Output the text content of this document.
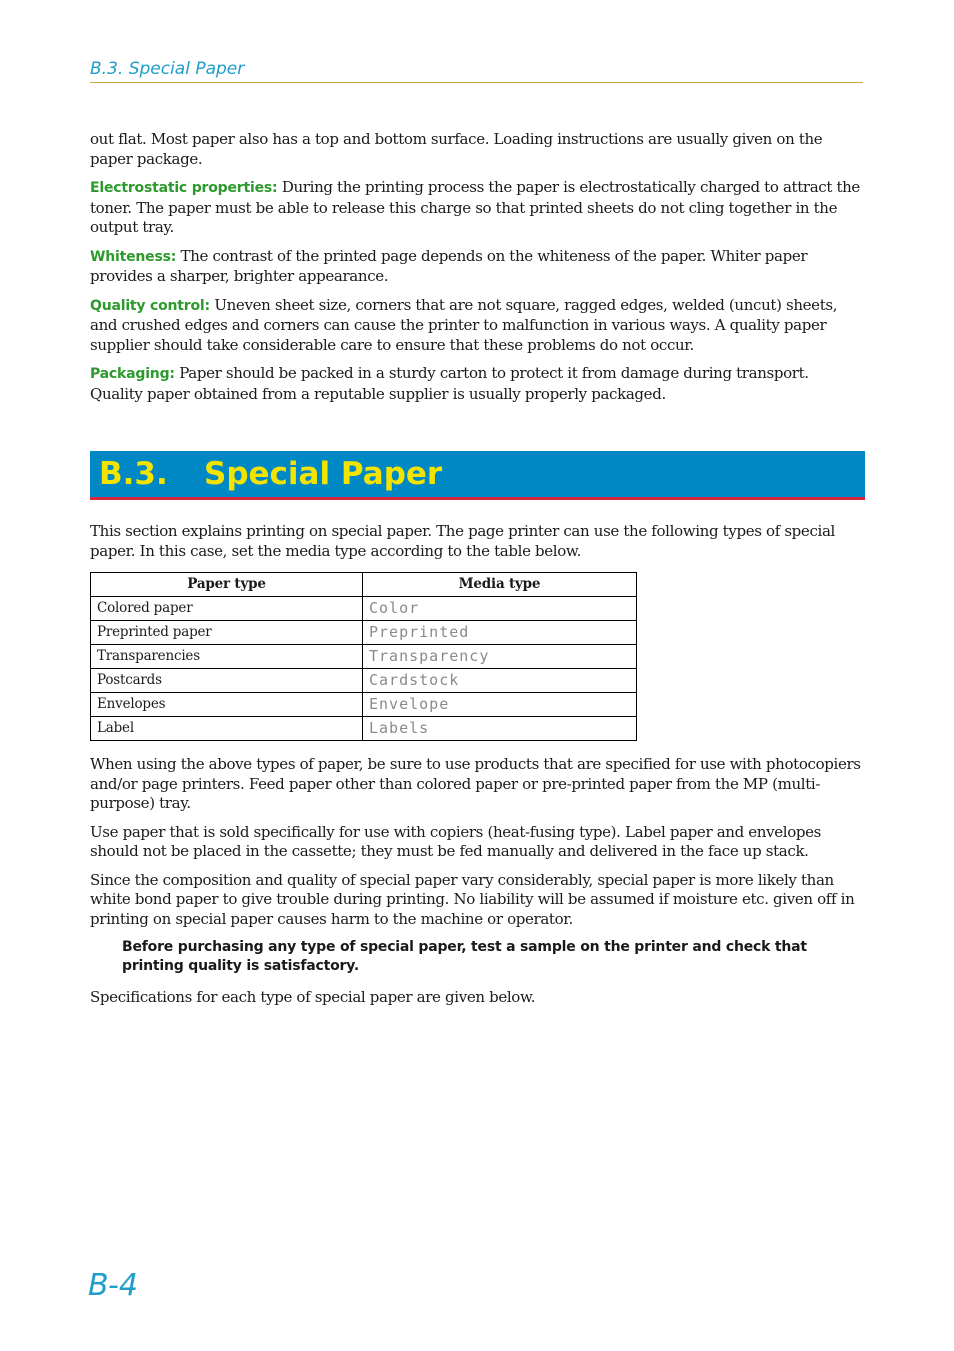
B.3. Special Paper

out flat. Most paper also has a top and bottom surface. Loading instructions are usually given on the paper package.

Electrostatic properties: During the printing process the paper is electrostatically charged to attract the toner. The paper must be able to release this charge so that printed sheets do not cling together in the output tray.

Whiteness: The contrast of the printed page depends on the whiteness of the paper. Whiter paper provides a sharper, brighter appearance.

Quality control: Uneven sheet size, corners that are not square, ragged edges, welded (uncut) sheets, and crushed edges and corners can cause the printer to malfunction in various ways. A quality paper supplier should take considerable care to ensure that these problems do not occur.

Packaging: Paper should be packed in a sturdy carton to protect it from damage during transport. Quality paper obtained from a reputable supplier is usually properly packaged.

B.3. Special Paper

This section explains printing on special paper. The page printer can use the following types of special paper. In this case, set the media type according to the table below.

Paper type	Media type
Colored paper	Color
Preprinted paper	Preprinted
Transparencies	Transparency
Postcards	Cardstock
Envelopes	Envelope
Label	Labels

When using the above types of paper, be sure to use products that are specified for use with photocopiers and/or page printers. Feed paper other than colored paper or pre-printed paper from the MP (multi-purpose) tray.

Use paper that is sold specifically for use with copiers (heat-fusing type). Label paper and envelopes should not be placed in the cassette; they must be fed manually and delivered in the face up stack.

Since the composition and quality of special paper vary considerably, special paper is more likely than white bond paper to give trouble during printing. No liability will be assumed if moisture etc. given off in printing on special paper causes harm to the machine or operator.

Before purchasing any type of special paper, test a sample on the printer and check that printing quality is satisfactory.

Specifications for each type of special paper are given below.

B-4
